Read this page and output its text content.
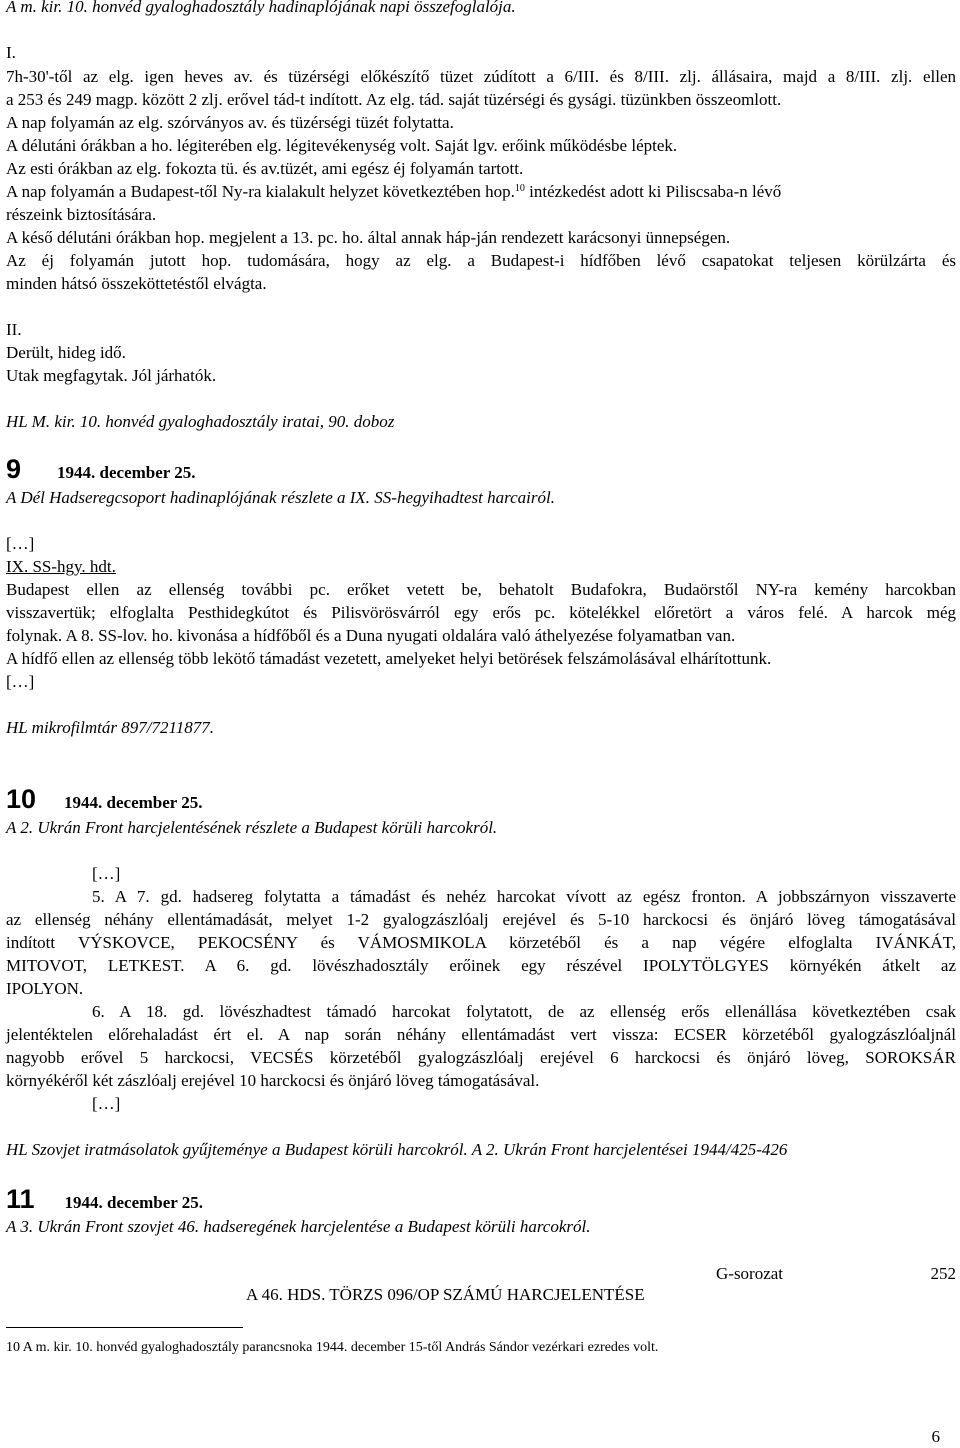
A m. kir. 10. honvéd gyaloghadosztály hadinaplójának napi összefoglalója.
I.
7h-30'-től az elg. igen heves av. és tüzérségi előkészítő tüzet zúdított a 6/III. és 8/III. zlj. állásaira, majd a 8/III. zlj. ellen
a 253 és 249 magp. között 2 zlj. erővel tád-t indított. Az elg. tád. saját tüzérségi és gysági. tüzünkben összeomlott.
A nap folyamán az elg. szórványos av. és tüzérségi tüzét folytatta.
A délutáni órákban a ho. légiterében elg. légitevékenység volt. Saját lgv. erőink működésbe léptek.
Az esti órákban az elg. fokozta tü. és av.tüzét, ami egész éj folyamán tartott.
A nap folyamán a Budapest-től Ny-ra kialakult helyzet következtében hop.$^{10}$ intézkedést adott ki Piliscsaba-n lévő
részeink biztosítására.
A késő délutáni órákban hop. megjelent a 13. pc. ho. által annak háp-ján rendezett karácsonyi ünnepségen.
Az éj folyamán jutott hop. tudomására, hogy az elg. a Budapest-i hídfőben lévő csapatokat teljesen körülzárta és
minden hátsó összeköttetéstől elvágta.
II.
Derült, hideg idő.
Utak megfagytak. Jól járhatók.
HL M. kir. 10. honvéd gyaloghadosztály iratai, 90. doboz
9 1944. december 25.
A Dél Hadseregcsoport hadinaplójának részlete a IX. SS-hegyihadtest harcairól.
[…]
IX. SS-hgy. hdt.
Budapest ellen az ellenség további pc. erőket vetett be, behatolt Budafokra, Budaörstől NY-ra kemény harcokban
visszavertük; elfoglalta Pesthidegkútot és Pilisvörösvárról egy erős pc. kötelékkel előretört a város felé. A harcok még
folynak. A 8. SS-lov. ho. kivonása a hídfőből és a Duna nyugati oldalára való áthelyezése folyamatban van.
A hídfő ellen az ellenség több lekötő támadást vezetett, amelyeket helyi betörések felszámolásával elhárítottunk.
[…]
HL mikrofilmtár 897/7211877.
10 1944. december 25.
A 2. Ukrán Front harcjelentésének részlete a Budapest körüli harcokról.
[…]
5. A 7. gd. hadsereg folytatta a támadást és nehéz harcokat vívott az egész fronton. A jobbszárnyon visszaverte
az ellenség néhány ellentámadását, melyet 1-2 gyalogzászlóalj erejével és 5-10 harckocsi és önjáró löveg támogatásával
indított VÝSKOVCE, PEKOCSÉNY és VÁMOSMIKOLA körzetéből és a nap végére elfoglalta IVÁNKÁT,
MITOVOT, LETKEST. A 6. gd. lövészhadosztály erőinek egy részével IPOLYTÖLGYES környékén átkelt az
IPOLYON.
6. A 18. gd. lövészhadtest támadó harcokat folytatott, de az ellenség erős ellenállása következtében csak
jelentéktelen előrehaladást ért el. A nap során néhány ellentámadást vert vissza: ECSER körzetéből gyalogzászlóaljnál
nagyobb erővel 5 harckocsi, VECSÉS körzetéből gyalogzászlóalj erejével 6 harckocsi és önjáró löveg, SOROKSÁR
környékéről két zászlóalj erejével 10 harckocsi és önjáró löveg támogatásával.
[…]
HL Szovjet iratmásolatok gyűjteménye a Budapest körüli harcokról. A 2. Ukrán Front harcjelentései 1944/425-426
11 1944. december 25.
A 3. Ukrán Front szovjet 46. hadseregének harcjelentése a Budapest körüli harcokról.
G-sorozat	252
A 46. HDS. TÖRZS 096/OP SZÁMÚ HARCJELENTÉSE
10 A m. kir. 10. honvéd gyaloghadosztály parancsnoka 1944. december 15-től András Sándor vezérkari ezredes volt.
6
